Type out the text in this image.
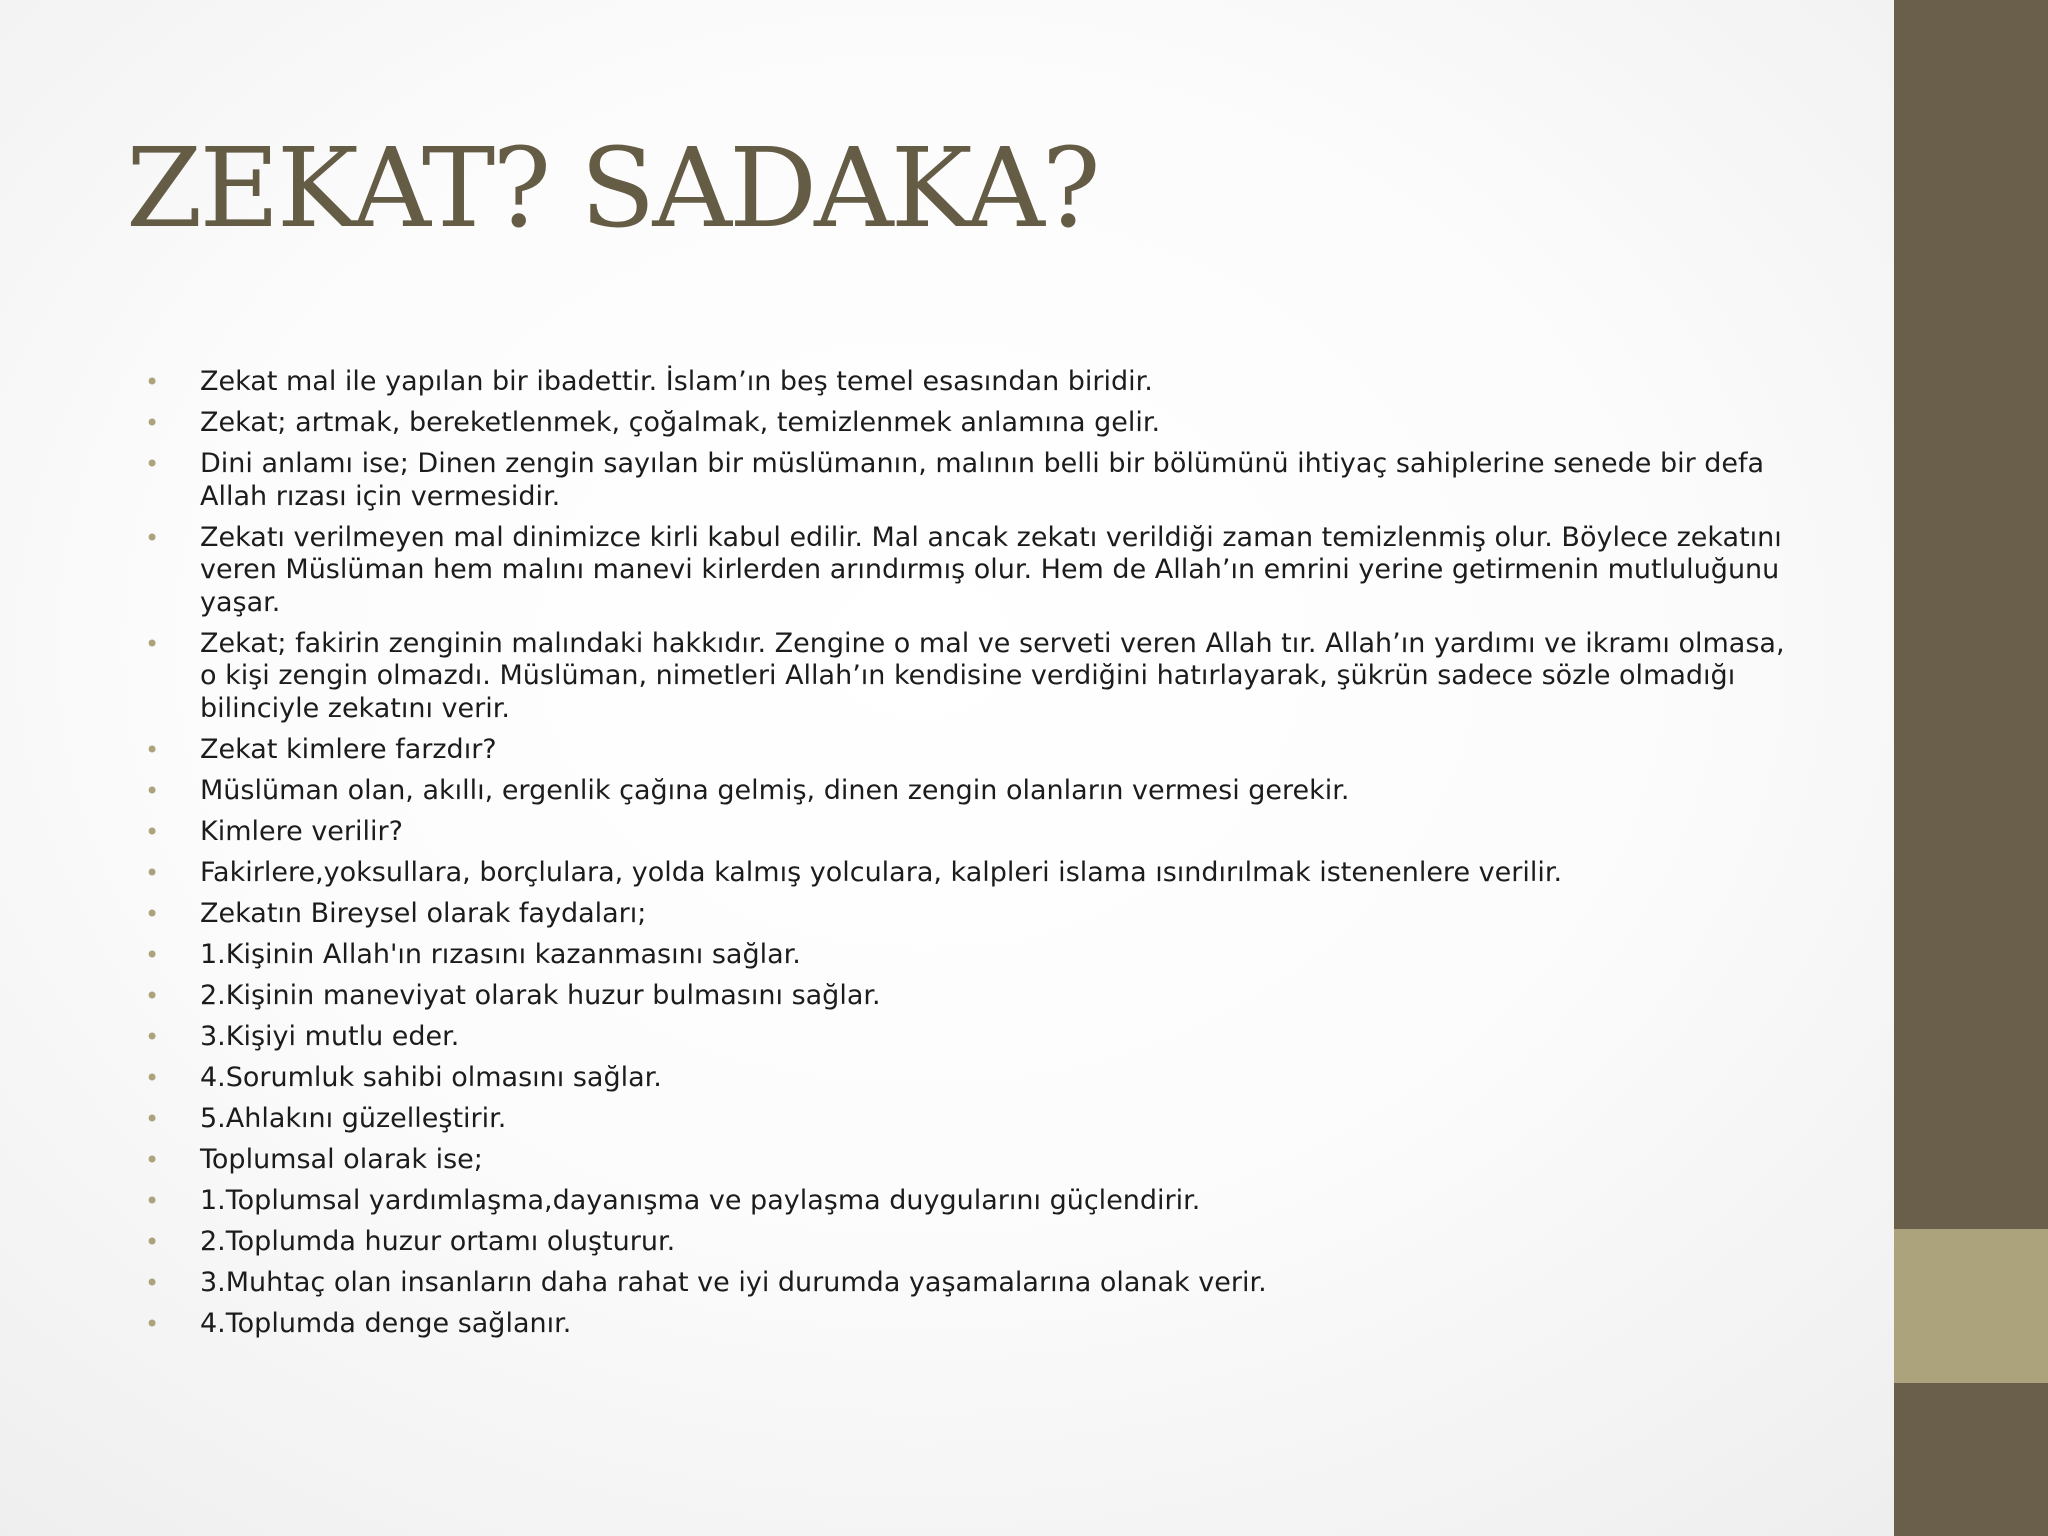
ZEKAT? SADAKA?
• Zekat mal ile yapılan bir ibadettir. İslam’ın beş temel esasından biridir.
• Zekat; artmak, bereketlenmek, çoğalmak, temizlenmek anlamına gelir.
• Dini anlamı ise; Dinen zengin sayılan bir müslümanın, malının belli bir bölümünü ihtiyaç sahiplerine senede bir defa Allah rızası için vermesidir.
• Zekatı verilmeyen mal dinimizce kirli kabul edilir. Mal ancak zekatı verildiği zaman temizlenmiş olur. Böylece zekatını veren Müslüman hem malını manevi kirlerden arındırmış olur. Hem de Allah’ın emrini yerine getirmenin mutluluğunu yaşar.
• Zekat; fakirin zenginin malındaki hakkıdır. Zengine o mal ve serveti veren Allah tır. Allah’ın yardımı ve ikramı olmasa, o kişi zengin olmazdı. Müslüman, nimetleri Allah’ın kendisine verdiğini hatırlayarak, şükrün sadece sözle olmadığı bilinciyle zekatını verir.
• Zekat kimlere farzdır?
• Müslüman olan, akıllı, ergenlik çağına gelmiş, dinen zengin olanların vermesi gerekir.
• Kimlere verilir?
• Fakirlere,yoksullara, borçlulara, yolda kalmış yolculara, kalpleri islama ısındırılmak istenenlere verilir.
• Zekatın Bireysel olarak faydaları;
• 1.Kişinin Allah'ın rızasını kazanmasını sağlar.
• 2.Kişinin maneviyat olarak huzur bulmasını sağlar.
• 3.Kişiyi mutlu eder.
• 4.Sorumluk sahibi olmasını sağlar.
• 5.Ahlakını güzelleştirir.
• Toplumsal olarak ise;
• 1.Toplumsal yardımlaşma,dayanışma ve paylaşma duygularını güçlendirir.
• 2.Toplumda huzur ortamı oluşturur.
• 3.Muhtaç olan insanların daha rahat ve iyi durumda yaşamalarına olanak verir.
• 4.Toplumda denge sağlanır.
